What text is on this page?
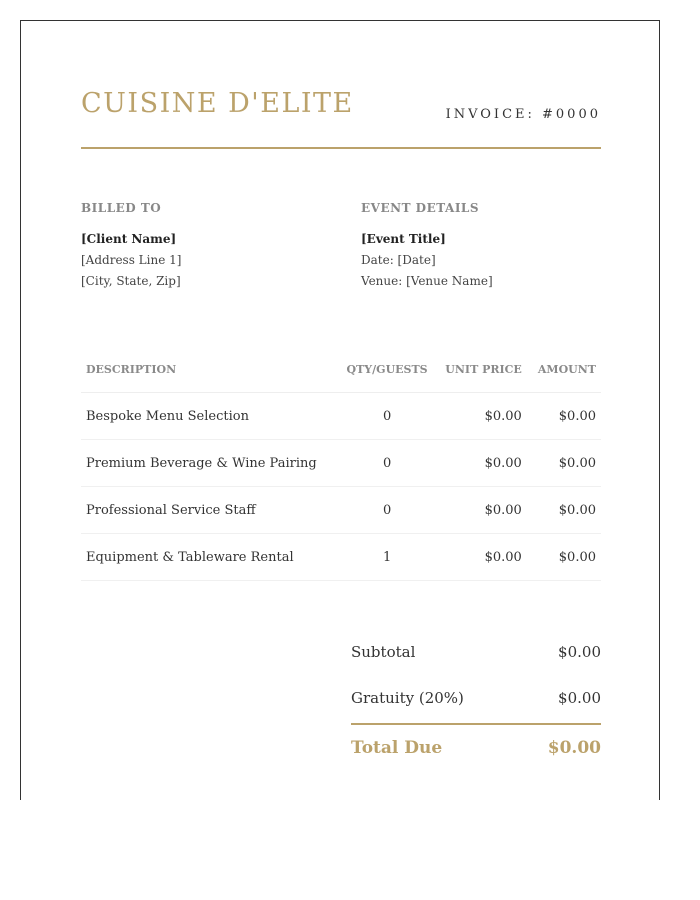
CUISINE D'ELITE	INVOICE: #0000
BILLED TO
[Client Name]
[Address Line 1]
[City, State, Zip]
EVENT DETAILS
[Event Title]
Date: [Date]
Venue: [Venue Name]
DESCRIPTION	QTY/GUESTS	UNIT PRICE	AMOUNT
Bespoke Menu Selection	0	$0.00	$0.00
Premium Beverage & Wine Pairing	0	$0.00	$0.00
Professional Service Staff	0	$0.00	$0.00
Equipment & Tableware Rental	1	$0.00	$0.00
Subtotal	$0.00
Gratuity (20%)	$0.00
Total Due	$0.00
